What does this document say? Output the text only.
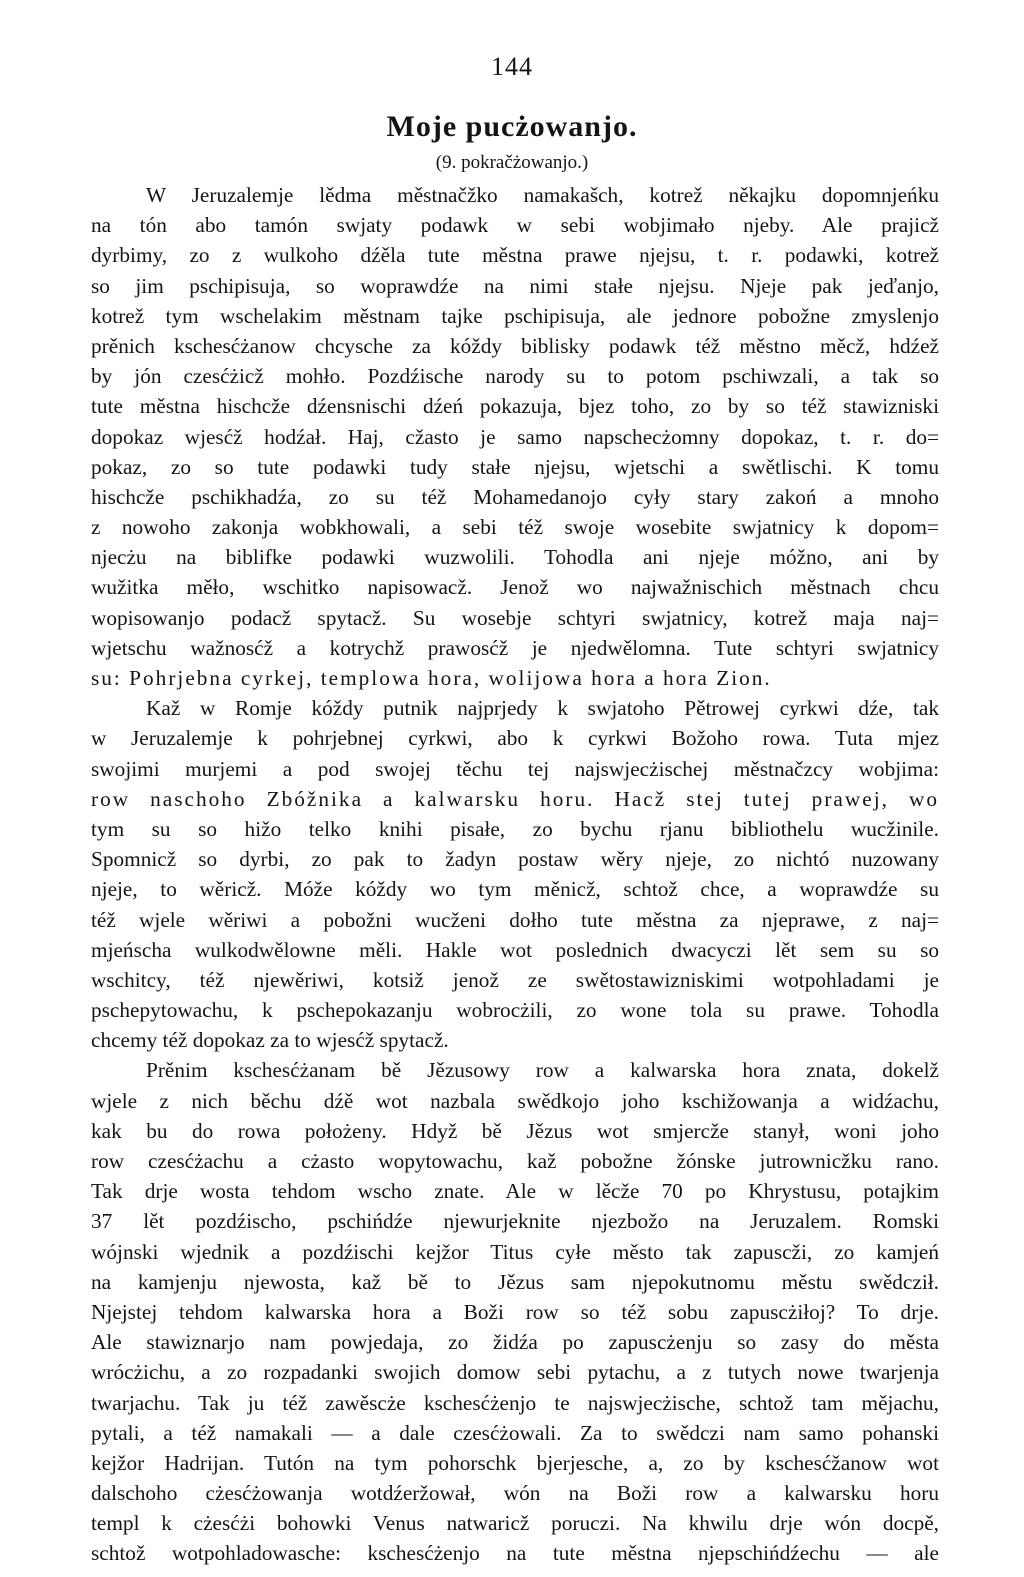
144
Moje pucżowanjo.
(9. pokračżowanjo.)
W Jeruzalemje lědma městnačžko namakašch, kotrež někajku dopomnjeńku
na tón abo tamón swjaty podawk w sebi wobjimało njeby. Ale prajicž
dyrbimy, zo z wulkoho dźěla tute městna prawe njejsu, t. r. podawki, kotrež
so jim pschipisuja, so woprawdźe na nimi stałe njejsu. Njeje pak jeďanjo,
kotrež tym wschelakim městnam tajke pschipisuja, ale jednore pobožne zmyslenjo
prěnich kschesćżanow chcysche za kóždy biblisky podawk též městno měcž, hdźež
by jón czesćżicž mohło. Pozdźische narody su to potom pschiwzali, a tak so
tute městna hischcže dźensnischi dźeń pokazuja, bjez toho, zo by so též stawizniski
dopokaz wjesćž hodźał. Haj, cžasto je samo napschecżomny dopokaz, t. r. do=
pokaz, zo so tute podawki tudy stałe njejsu, wjetschi a swětlischi. K tomu
hischcže pschikhadźa, zo su též Mohamedanojo cyły stary zakoń a mnoho
z nowoho zakonja wobkhowali, a sebi též swoje wosebite swjatnicy k dopom=
njecżu na biblifke podawki wuzwolili. Tohodla ani njeje móžno, ani by
wužitka měło, wschitko napisowacž. Jenož wo najwažnischich městnach chcu
wopisowanjo podacž spytacž. Su wosebje schtyri swjatnicy, kotrež maja naj=
wjetschu wažnosćž a kotrychž prawosćž je njedwělomna. Tute schtyri swjatnicy
su: Pohrjebna cyrkej, templowa hora, wolijowa hora a hora Zion.
Kaž w Romje kóždy putnik najprjedy k swjatoho Pětrowej cyrkwi dźe, tak
w Jeruzalemje k pohrjebnej cyrkwi, abo k cyrkwi Božoho rowa. Tuta mjez
swojimi murjemi a pod swojej těchu tej najswjecżischej městnačzcy wobjima:
row naschoho Zbóžnika a kalwarsku horu. Hacž stej tutej prawej, wo
tym su so hižo telko knihi pisałe, zo bychu rjanu bibliothelu wucžinile.
Spomnicž so dyrbi, zo pak to žadyn postaw wěry njeje, zo nichtó nuzowany
njeje, to wěricž. Móže kóždy wo tym měnicž, schtož chce, a woprawdźe su
též wjele wěriwi a pobožni wucženi dołho tute městna za njeprawe, z naj=
mjeńscha wulkodwělowne měli. Hakle wot poslednich dwacyczi lět sem su so
wschitcy, též njewěriwi, kotsiž jenož ze swětostawizniskimi wotpohladami je
pschepytowachu, k pschepokazanju wobrocżili, zo wone tola su prawe. Tohodla
chcemy též dopokaz za to wjesćž spytacž.
Prěnim kschesćżanam bě Jězusowy row a kalwarska hora znata, dokelž
wjele z nich běchu dźě wot nazbala swědkojo joho kschižowanja a widźachu,
kak bu do rowa położeny. Hdyž bě Jězus wot smjercže stanył, woni joho
row czesćżachu a cżasto wopytowachu, kaž pobožne žónske jutrownicžku rano.
Tak drje wosta tehdom wscho znate. Ale w lěcže 70 po Khrystusu, potajkim
37 lět pozdźischo, pschińdźe njewurjeknite njezbožo na Jeruzalem. Romski
wójnski wjednik a pozdźischi kejžor Titus cyłe město tak zapuscži, zo kamjeń
na kamjenju njewosta, kaž bě to Jězus sam njepokutnomu městu swědcził.
Njejstej tehdom kalwarska hora a Boži row so též sobu zapuscżiłoj? To drje.
Ale stawiznarjo nam powjedaja, zo židźa po zapuscżenju so zasy do města
wrócżichu, a zo rozpadanki swojich domow sebi pytachu, a z tutych nowe twarjenja
twarjachu. Tak ju též zawěscże kschesćżenjo te najswjecżische, schtož tam mějachu,
pytali, a též namakali — a dale czesćżowali. Za to swědczi nam samo pohanski
kejžor Hadrijan. Tutón na tym pohorschk bjerjesche, a, zo by kschesćžanow wot
dalschoho cżesćżowanja wotdźeržował, wón na Boži row a kalwarsku horu
templ k cżesćżi bohowki Venus natwaricž poruczi. Na khwilu drje wón docpě,
schtož wotpohladowasche: kschesćżenjo na tute městna njepschińdźechu — ale
